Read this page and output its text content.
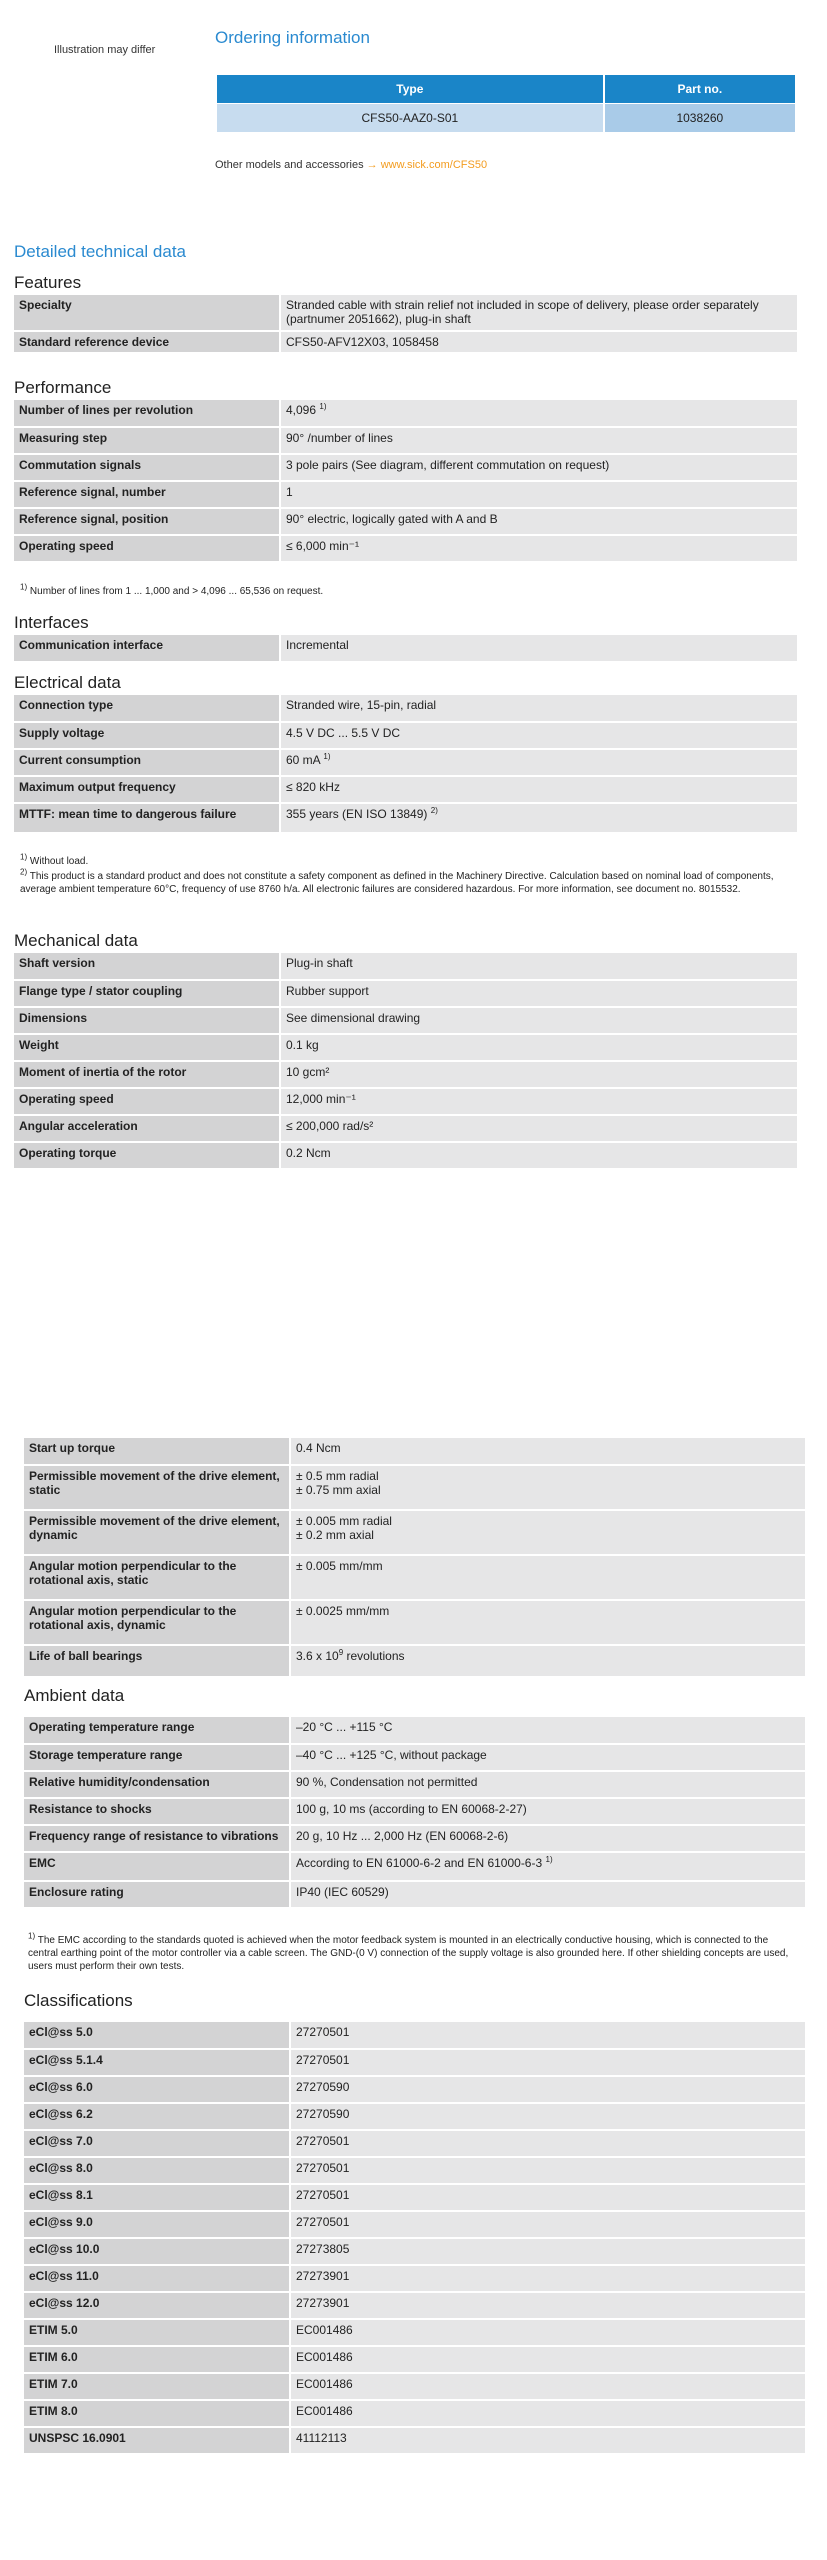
Illustration may differ
Ordering information
Type	Part no.
CFS50-AAZ0-S01	1038260
Other models and accessories → www.sick.com/CFS50
Detailed technical data
Features
Specialty	Stranded cable with strain relief not included in scope of delivery, please order separately (partnumer 2051662), plug-in shaft
Standard reference device	CFS50-AFV12X03, 1058458
Performance
Number of lines per revolution	4,096 $^{1)}$
Measuring step	90° /number of lines
Commutation signals	3 pole pairs (See diagram, different commutation on request)
Reference signal, number	1
Reference signal, position	90° electric, logically gated with A and B
Operating speed	≤ 6,000 min⁻¹
$^{1)}$ Number of lines from 1 ... 1,000 and > 4,096 ... 65,536 on request.
Interfaces
Communication interface	Incremental
Electrical data
Connection type	Stranded wire, 15-pin, radial
Supply voltage	4.5 V DC ... 5.5 V DC
Current consumption	60 mA $^{1)}$
Maximum output frequency	≤ 820 kHz
MTTF: mean time to dangerous failure	355 years (EN ISO 13849) $^{2)}$
$^{1)}$ Without load.
$^{2)}$ This product is a standard product and does not constitute a safety component as defined in the Machinery Directive. Calculation based on nominal load of components, average ambient temperature 60°C, frequency of use 8760 h/a. All electronic failures are considered hazardous. For more information, see document no. 8015532.
Mechanical data
Shaft version	Plug-in shaft
Flange type / stator coupling	Rubber support
Dimensions	See dimensional drawing
Weight	0.1 kg
Moment of inertia of the rotor	10 gcm²
Operating speed	12,000 min⁻¹
Angular acceleration	≤ 200,000 rad/s²
Operating torque	0.2 Ncm
Start up torque	0.4 Ncm
Permissible movement of the drive element, static	± 0.5 mm radial
± 0.75 mm axial
Permissible movement of the drive element, dynamic	± 0.005 mm radial
± 0.2 mm axial
Angular motion perpendicular to the rotational axis, static	± 0.005 mm/mm
Angular motion perpendicular to the rotational axis, dynamic	± 0.0025 mm/mm
Life of ball bearings	3.6 x $10^9$ revolutions
Ambient data
Operating temperature range	–20 °C ... +115 °C
Storage temperature range	–40 °C ... +125 °C, without package
Relative humidity/condensation	90 %, Condensation not permitted
Resistance to shocks	100 g, 10 ms (according to EN 60068-2-27)
Frequency range of resistance to vibrations	20 g, 10 Hz ... 2,000 Hz (EN 60068-2-6)
EMC	According to EN 61000-6-2 and EN 61000-6-3 $^{1)}$
Enclosure rating	IP40 (IEC 60529)
$^{1)}$ The EMC according to the standards quoted is achieved when the motor feedback system is mounted in an electrically conductive housing, which is connected to the central earthing point of the motor controller via a cable screen. The GND-(0 V) connection of the supply voltage is also grounded here. If other shielding concepts are used, users must perform their own tests.
Classifications
eCl@ss 5.0	27270501
eCl@ss 5.1.4	27270501
eCl@ss 6.0	27270590
eCl@ss 6.2	27270590
eCl@ss 7.0	27270501
eCl@ss 8.0	27270501
eCl@ss 8.1	27270501
eCl@ss 9.0	27270501
eCl@ss 10.0	27273805
eCl@ss 11.0	27273901
eCl@ss 12.0	27273901
ETIM 5.0	EC001486
ETIM 6.0	EC001486
ETIM 7.0	EC001486
ETIM 8.0	EC001486
UNSPSC 16.0901	41112113
